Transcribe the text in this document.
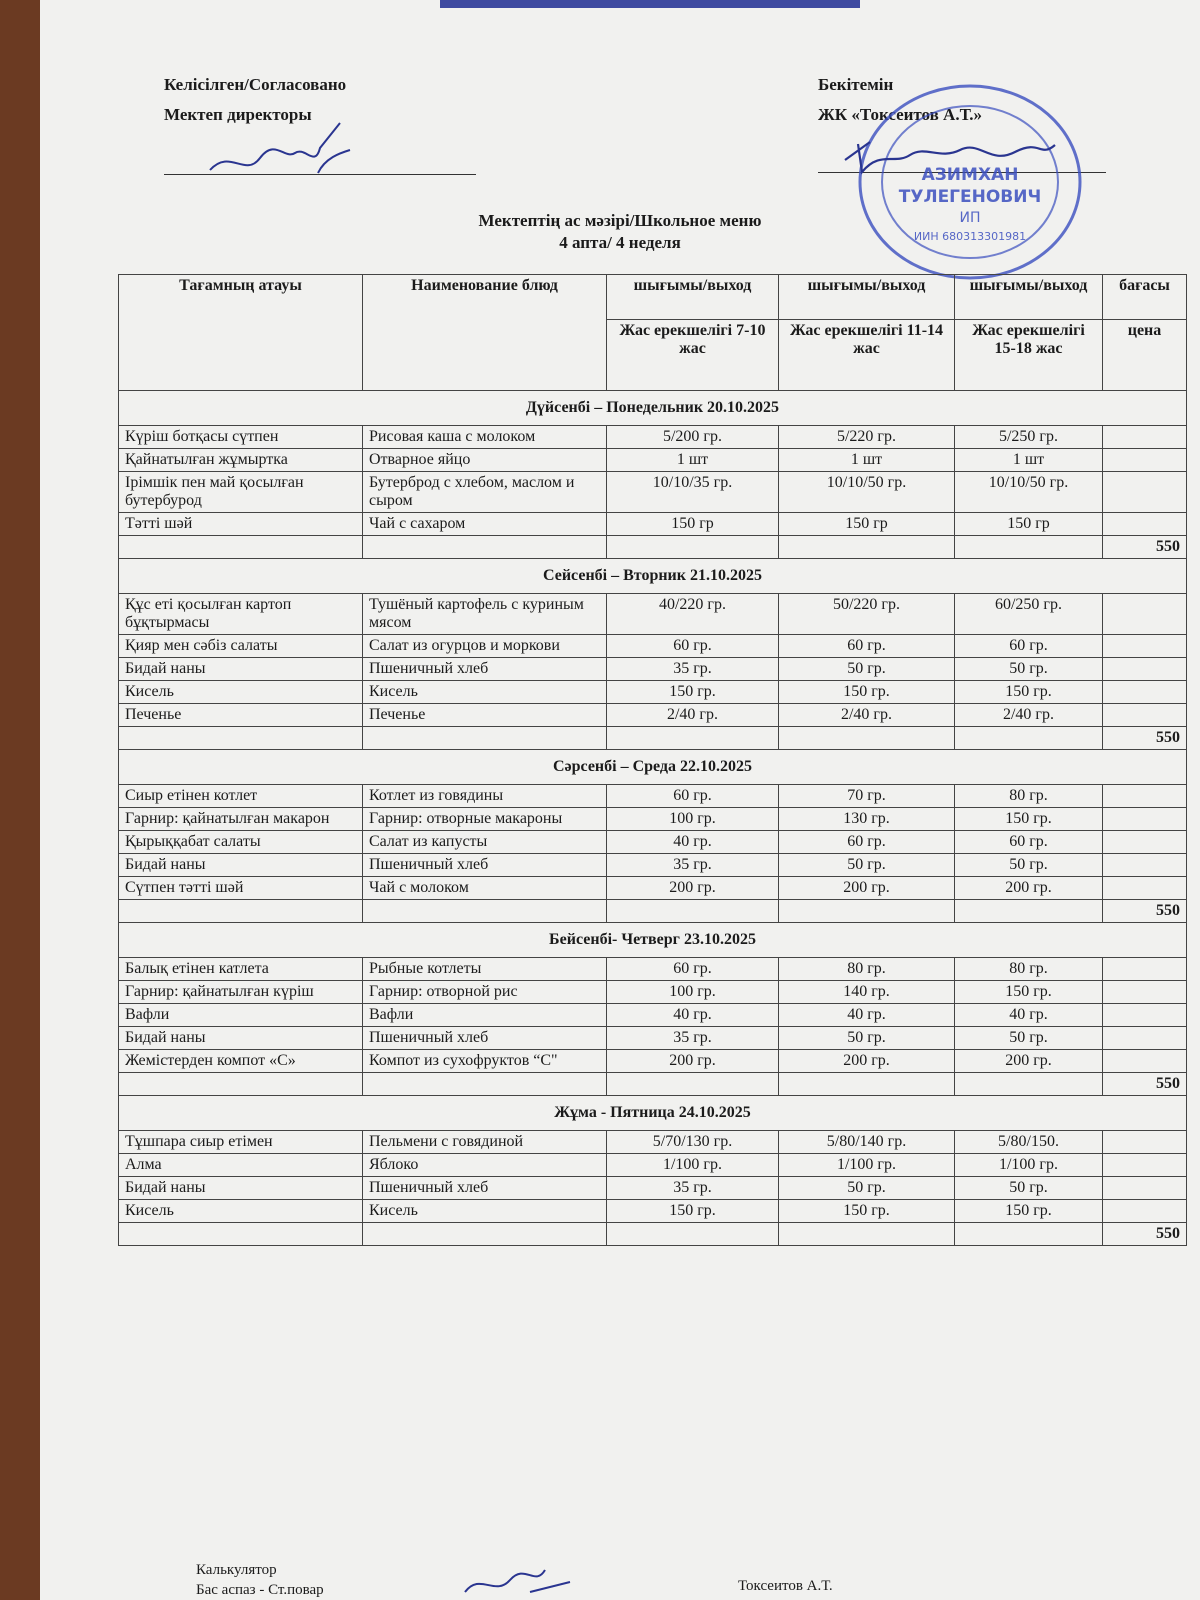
Келісілген/Согласовано
Мектеп директоры
Бекітемін
ЖК «Токсеитов А.Т.»
АЗИМХАН
ТУЛЕГЕНОВИЧ
ИП
ИИН 680313301981
Мектептің ас мәзірі/Школьное меню
4 апта/ 4 неделя
Тағамның атауы	Наименование блюд	шығымы/выход	шығымы/выход	шығымы/выход	бағасы
		Жас ерекшелігі 7-10 жас	Жас ерекшелігі 11-14 жас	Жас ерекшелігі 15-18 жас	цена
Дүйсенбі – Понедельник 20.10.2025					
Күріш ботқасы сүтпен	Рисовая каша с молоком	5/200 гр.	5/220 гр.	5/250 гр.	
Қайнатылған жұмыртка	Отварное яйцо	1 шт	1 шт	1 шт	
Ірімшік пен май қосылған бутербурод	Бутерброд с хлебом, маслом и сыром	10/10/35 гр.	10/10/50 гр.	10/10/50 гр.	
Тәтті шәй	Чай с сахаром	150 гр	150 гр	150 гр	
					550
Сейсенбі – Вторник 21.10.2025					
Құс еті қосылған картоп бұқтырмасы	Тушёный картофель с куриным мясом	40/220 гр.	50/220 гр.	60/250 гр.	
Қияр мен сәбіз салаты	Салат из огурцов и моркови	60 гр.	60 гр.	60 гр.	
Бидай наны	Пшеничный хлеб	35 гр.	50 гр.	50 гр.	
Кисель	Кисель	150 гр.	150 гр.	150 гр.	
Печенье	Печенье	2/40 гр.	2/40 гр.	2/40 гр.	
					550
Сәрсенбі – Среда 22.10.2025					
Сиыр етінен котлет	Котлет из говядины	60 гр.	70 гр.	80 гр.	
Гарнир: қайнатылған макарон	Гарнир: отворные макароны	100 гр.	130 гр.	150 гр.	
Қырыққабат салаты	Салат из капусты	40 гр.	60 гр.	60 гр.	
Бидай наны	Пшеничный хлеб	35 гр.	50 гр.	50 гр.	
Сүтпен тәтті шәй	Чай с молоком	200 гр.	200 гр.	200 гр.	
					550
Бейсенбі- Четверг 23.10.2025					
Балық етінен катлета	Рыбные котлеты	60 гр.	80 гр.	80 гр.	
Гарнир: қайнатылған күріш	Гарнир: отворной рис	100 гр.	140 гр.	150 гр.	
Вафли	Вафли	40 гр.	40 гр.	40 гр.	
Бидай наны	Пшеничный хлеб	35 гр.	50 гр.	50 гр.	
Жемістерден компот «С»	Компот из сухофруктов “С"	200 гр.	200 гр.	200 гр.	
					550
Жұма - Пятница 24.10.2025					
Тұшпара сиыр етімен	Пельмени с говядиной	5/70/130 гр.	5/80/140 гр.	5/80/150.	
Алма	Яблоко	1/100 гр.	1/100 гр.	1/100 гр.	
Бидай наны	Пшеничный хлеб	35 гр.	50 гр.	50 гр.	
Кисель	Кисель	150 гр.	150 гр.	150 гр.	
					550
Калькулятор
Бас аспаз - Ст.повар	Токсеитов А.Т.
